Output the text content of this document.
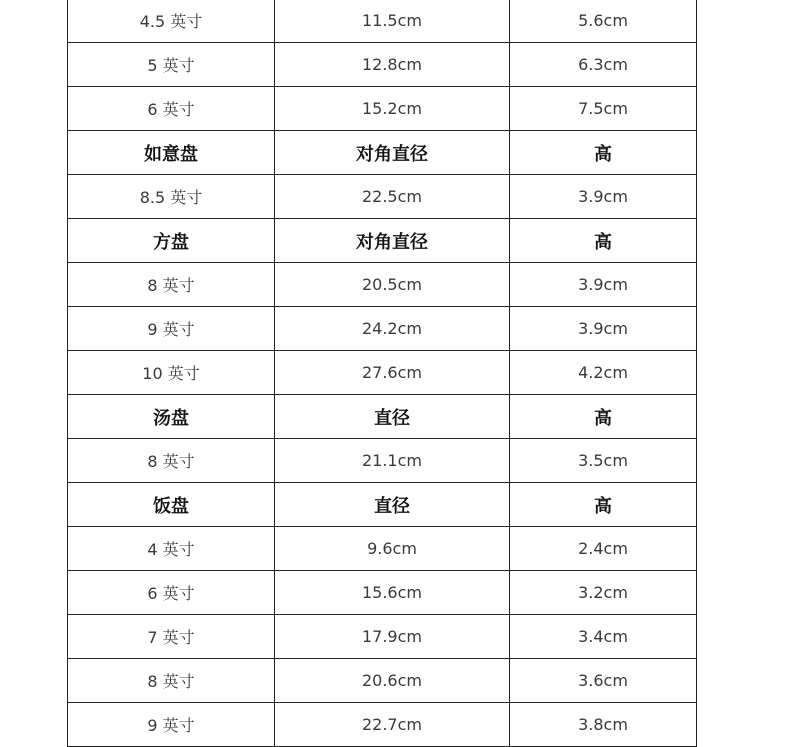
4.5 英寸	11.5cm	5.6cm
5 英寸	12.8cm	6.3cm
6 英寸	15.2cm	7.5cm
如意盘	对角直径	高
8.5 英寸	22.5cm	3.9cm
方盘	对角直径	高
8 英寸	20.5cm	3.9cm
9 英寸	24.2cm	3.9cm
10 英寸	27.6cm	4.2cm
汤盘	直径	高
8 英寸	21.1cm	3.5cm
饭盘	直径	高
4 英寸	9.6cm	2.4cm
6 英寸	15.6cm	3.2cm
7 英寸	17.9cm	3.4cm
8 英寸	20.6cm	3.6cm
9 英寸	22.7cm	3.8cm
